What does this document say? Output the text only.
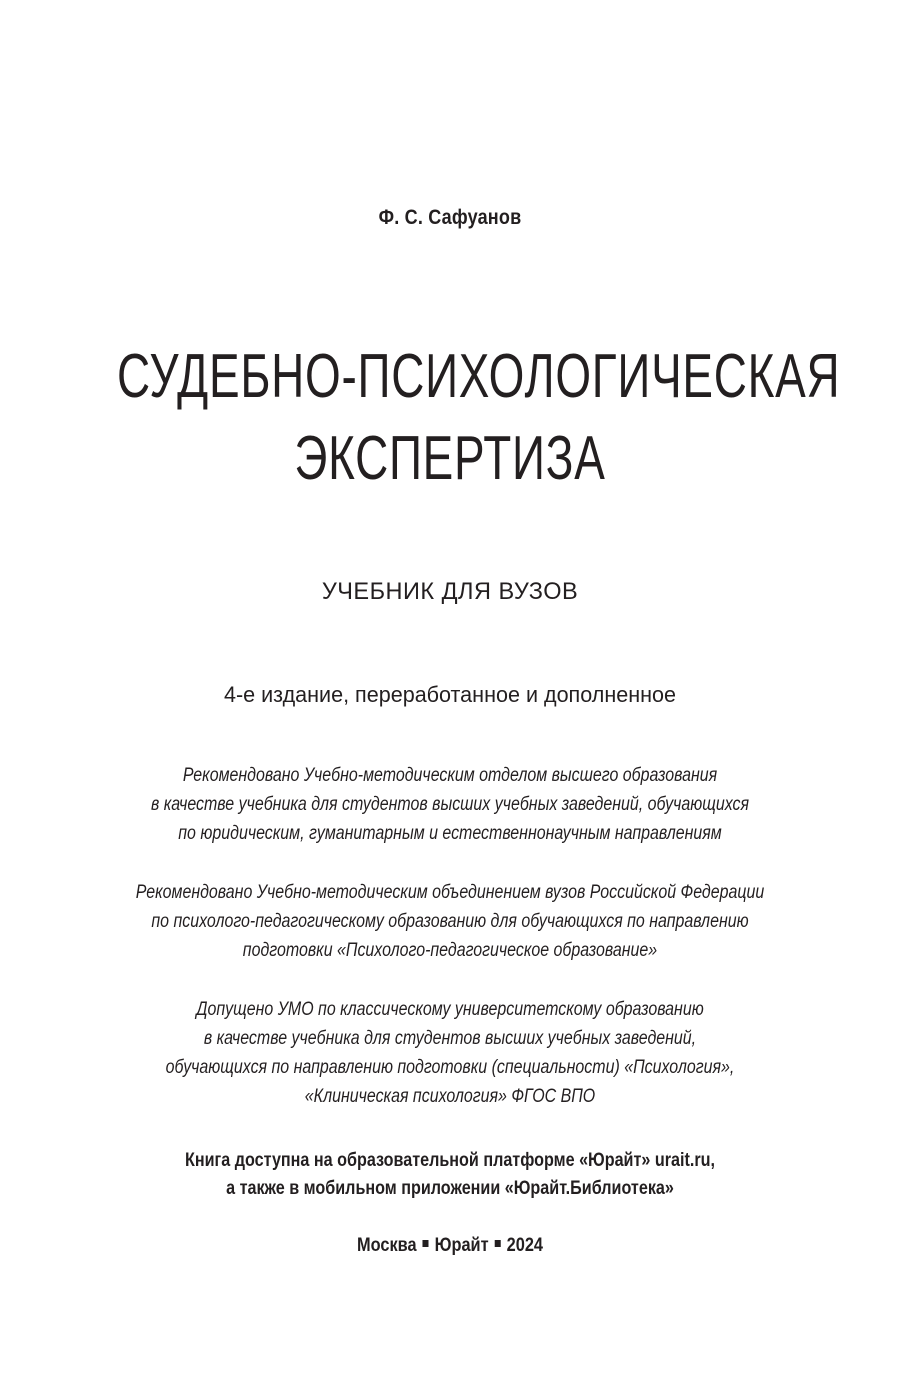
Ф. С. Сафуанов
СУДЕБНО-ПСИХОЛОГИЧЕСКАЯ
ЭКСПЕРТИЗА
УЧЕБНИК ДЛЯ ВУЗОВ
4-е издание, переработанное и дополненное
Рекомендовано Учебно-методическим отделом высшего образования
в качестве учебника для студентов высших учебных заведений, обучающихся
по юридическим, гуманитарным и естественнонаучным направлениям
Рекомендовано Учебно-методическим объединением вузов Российской Федерации
по психолого-педагогическому образованию для обучающихся по направлению
подготовки «Психолого-педагогическое образование»
Допущено УМО по классическому университетскому образованию
в качестве учебника для студентов высших учебных заведений,
обучающихся по направлению подготовки (специальности) «Психология»,
«Клиническая психология» ФГОС ВПО
Книга доступна на образовательной платформе «Юрайт» urait.ru,
а также в мобильном приложении «Юрайт.Библиотека»
Москва Юрайт 2024
